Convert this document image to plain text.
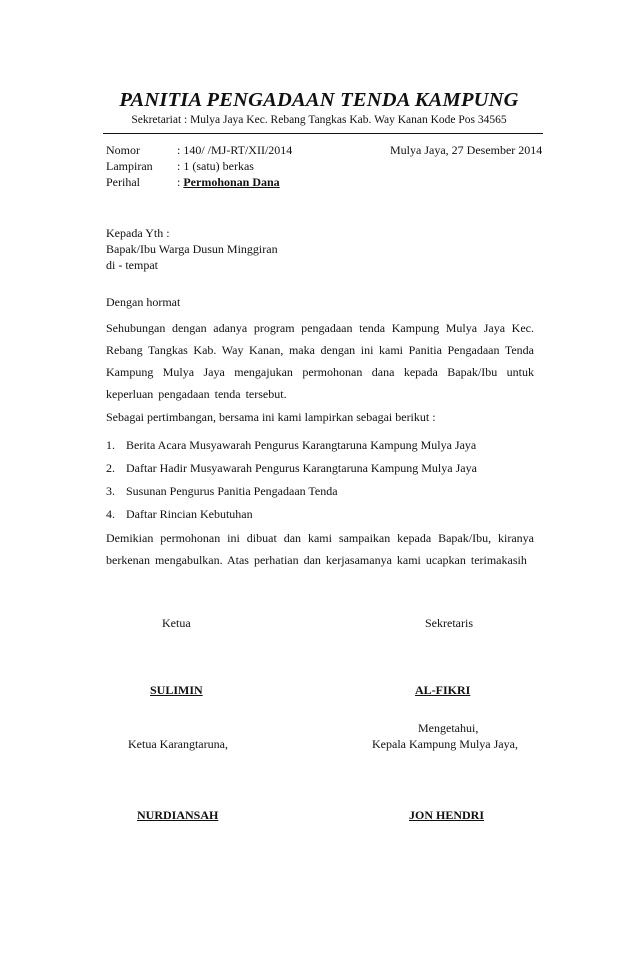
PANITIA PENGADAAN TENDA KAMPUNG
Sekretariat : Mulya Jaya Kec. Rebang Tangkas Kab. Way Kanan Kode Pos 34565
Nomor	: 140/ /MJ-RT/XII/2014	Mulya Jaya, 27 Desember 2014
Lampiran : 1 (satu) berkas
Perihal	: Permohonan Dana
Kepada Yth :
Bapak/Ibu Warga Dusun Minggiran
di - tempat
Dengan hormat
Sehubungan dengan adanya program pengadaan tenda Kampung Mulya Jaya Kec. Rebang Tangkas Kab. Way Kanan, maka dengan ini kami Panitia Pengadaan Tenda Kampung Mulya Jaya mengajukan permohonan dana kepada Bapak/Ibu untuk keperluan pengadaan tenda tersebut.
Sebagai pertimbangan, bersama ini kami lampirkan sebagai berikut :
1. Berita Acara Musyawarah Pengurus Karangtaruna Kampung Mulya Jaya
2. Daftar Hadir Musyawarah Pengurus Karangtaruna Kampung Mulya Jaya
3. Susunan Pengurus Panitia Pengadaan Tenda
4. Daftar Rincian Kebutuhan
Demikian permohonan ini dibuat dan kami sampaikan kepada Bapak/Ibu, kiranya berkenan mengabulkan. Atas perhatian dan kerjasamanya kami ucapkan terimakasih
Ketua	Sekretaris
SULIMIN	AL-FIKRI
Mengetahui,
Ketua Karangtaruna,	Kepala Kampung Mulya Jaya,
NURDIANSAH	JON HENDRI
